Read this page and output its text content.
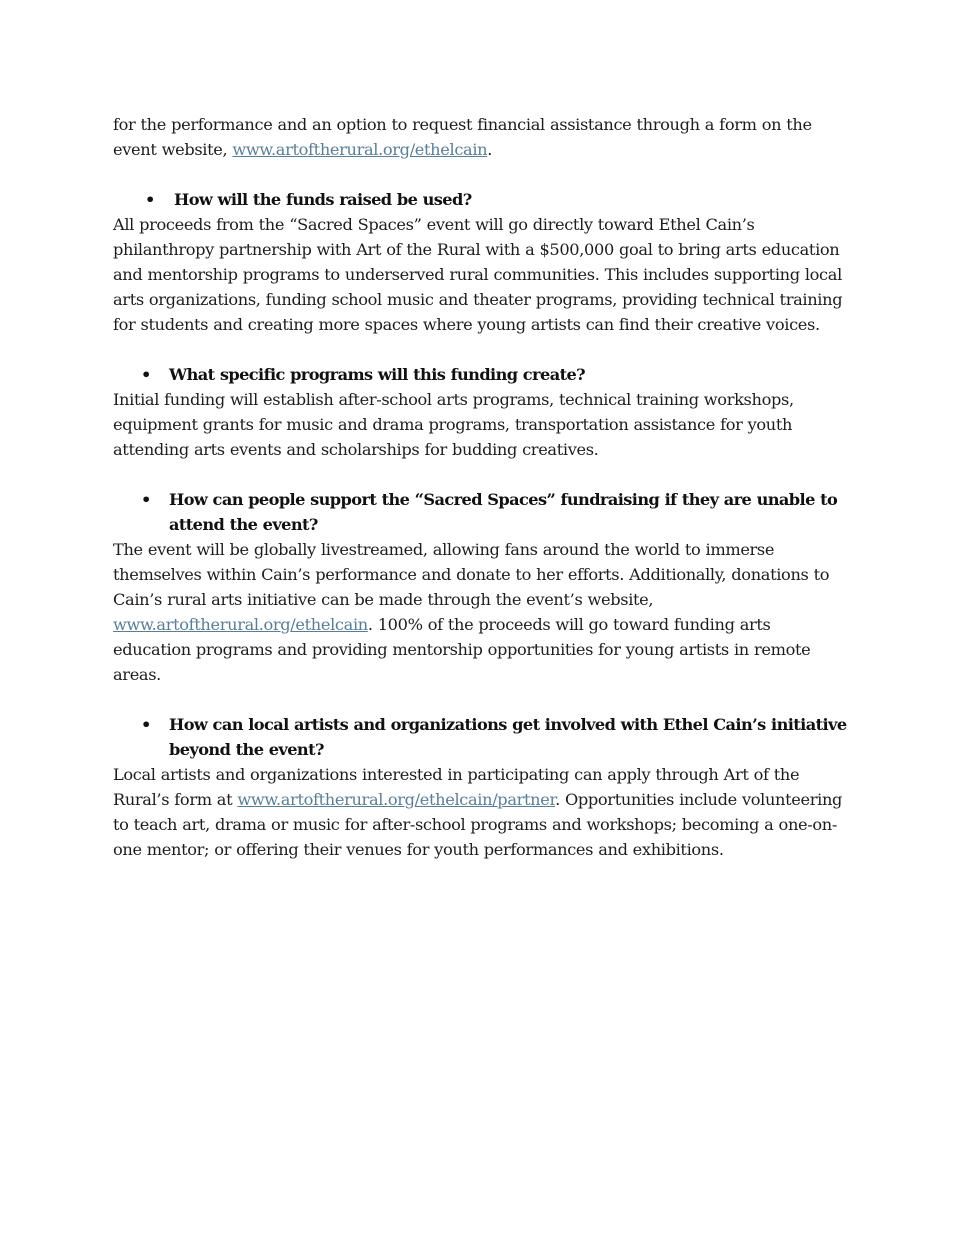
for the performance and an option to request financial assistance through a form on the event website, www.artoftherural.org/ethelcain.

•	How will the funds raised be used?

All proceeds from the “Sacred Spaces” event will go directly toward Ethel Cain’s philanthropy partnership with Art of the Rural with a $500,000 goal to bring arts education and mentorship programs to underserved rural communities. This includes supporting local arts organizations, funding school music and theater programs, providing technical training for students and creating more spaces where young artists can find their creative voices.

•	What specific programs will this funding create?

Initial funding will establish after-school arts programs, technical training workshops, equipment grants for music and drama programs, transportation assistance for youth attending arts events and scholarships for budding creatives.

•	How can people support the “Sacred Spaces” fundraising if they are unable to attend the event?

The event will be globally livestreamed, allowing fans around the world to immerse themselves within Cain’s performance and donate to her efforts. Additionally, donations to Cain’s rural arts initiative can be made through the event’s website, www.artoftherural.org/ethelcain. 100% of the proceeds will go toward funding arts education programs and providing mentorship opportunities for young artists in remote areas.

•	How can local artists and organizations get involved with Ethel Cain’s initiative beyond the event?

Local artists and organizations interested in participating can apply through Art of the Rural’s form at www.artoftherural.org/ethelcain/partner. Opportunities include volunteering to teach art, drama or music for after-school programs and workshops; becoming a one-on-one mentor; or offering their venues for youth performances and exhibitions.
